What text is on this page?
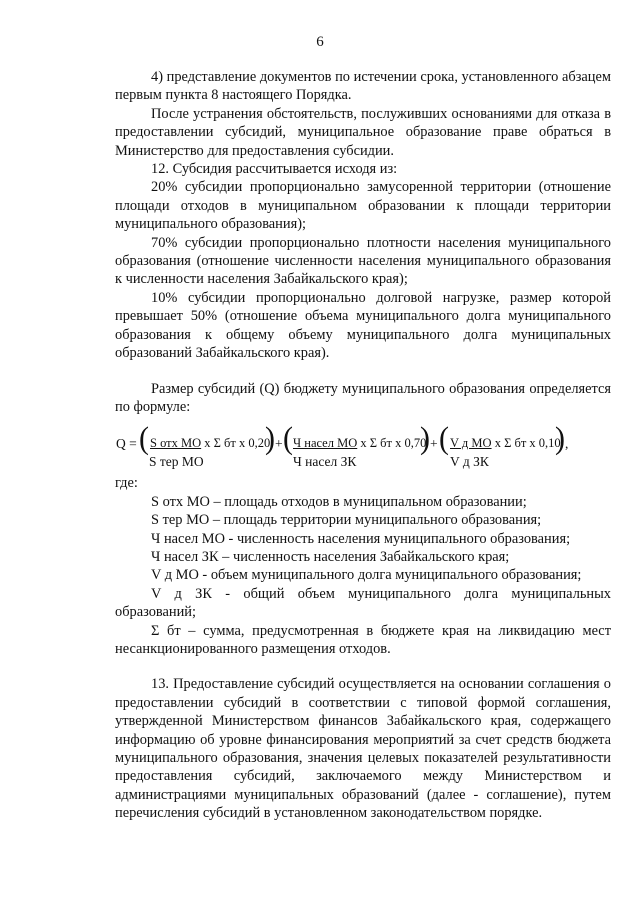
6

4) представление документов по истечении срока, установленного абзацем первым пункта 8 настоящего Порядка.

После устранения обстоятельств, послуживших основаниями для отказа в предоставлении субсидий, муниципальное образование праве обраться в Министерство для предоставления субсидии.

12. Субсидия рассчитывается исходя из:

20% субсидии пропорционально замусоренной территории (отношение площади отходов в муниципальном образовании к площади территории муниципального образования);

70% субсидии пропорционально плотности населения муниципального образования (отношение численности населения муниципального образования к численности населения Забайкальского края);

10% субсидии пропорционально долговой нагрузке, размер которой превышает 50% (отношение объема муниципального долга муниципального образования к общему объему муниципального долга муниципальных образований Забайкальского края).

Размер субсидий (Q) бюджету муниципального образования определяется по формуле:

Q = ( S отх МО x Σ бт х 0,20
S тер МО
) + ( Ч насел МО x Σ бт х 0,70
Ч насел ЗК
) + ( V д МО x Σ бт х 0,10
V д ЗК
) ,

где:

S отх МО – площадь отходов в муниципальном образовании;

S тер МО – площадь территории муниципального образования;

Ч насел МО - численность населения муниципального образования;

Ч насел ЗК – численность населения Забайкальского края;

V д МО - объем муниципального долга муниципального образования;

V д ЗК - общий объем муниципального долга муниципальных образований;

Σ бт – сумма, предусмотренная в бюджете края на ликвидацию мест несанкционированного размещения отходов.

13. Предоставление субсидий осуществляется на основании соглашения о предоставлении субсидий в соответствии с типовой формой соглашения, утвержденной Министерством финансов Забайкальского края, содержащего информацию об уровне финансирования мероприятий за счет средств бюджета муниципального образования, значения целевых показателей результативности предоставления субсидий, заключаемого между Министерством и администрациями муниципальных образований (далее - соглашение), путем перечисления субсидий в установленном законодательством порядке.
